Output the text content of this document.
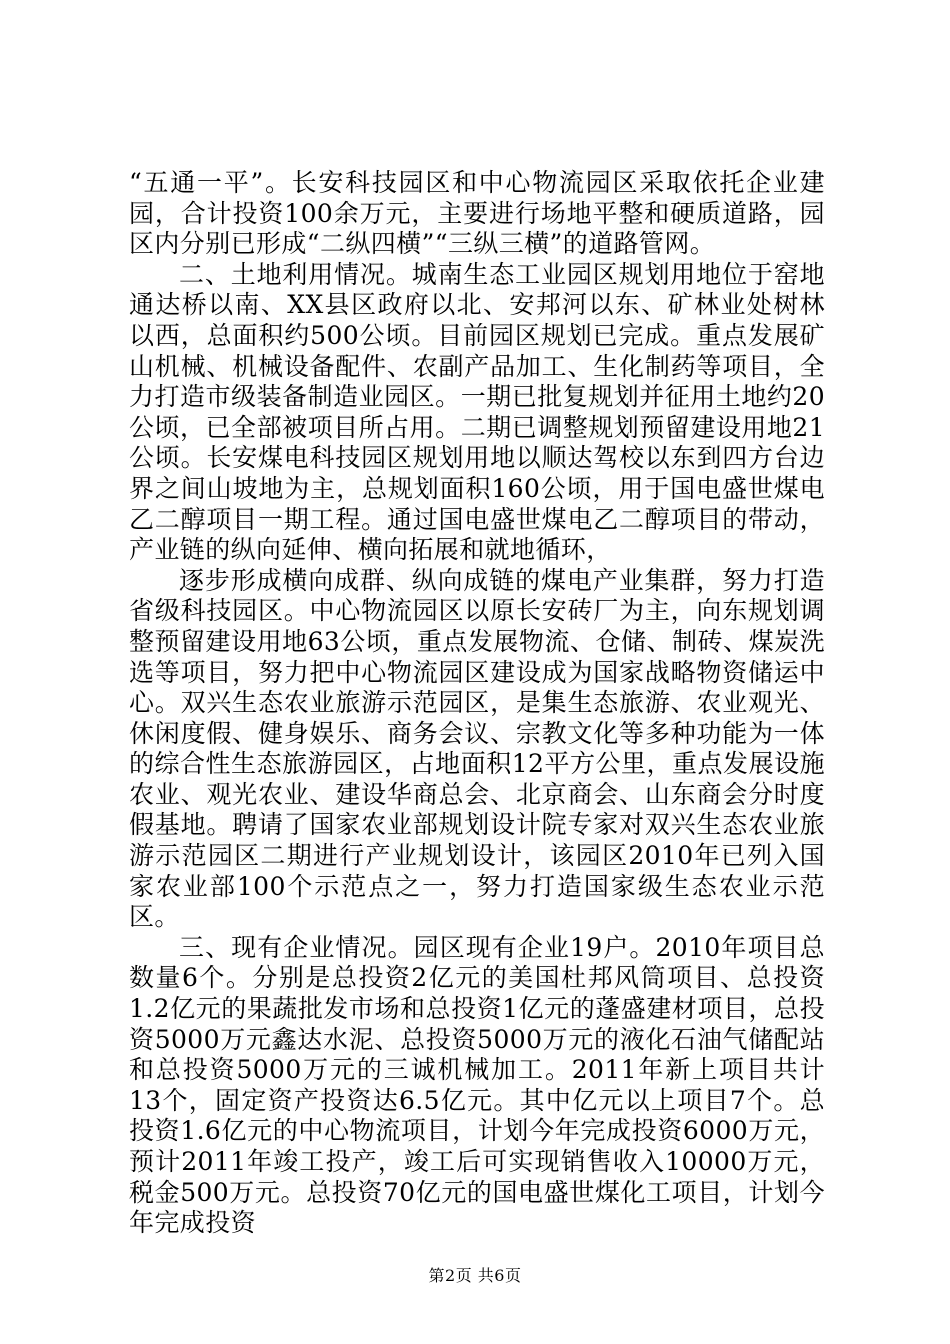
“五通一平”。长安科技园区和中心物流园区采取依托企业建园，合计投资100余万元，主要进行场地平整和硬质道路，园区内分别已形成“二纵四横”“三纵三横”的道路管网。

二、土地利用情况。城南生态工业园区规划用地位于窑地通达桥以南、XX县区政府以北、安邦河以东、矿林业处树林以西，总面积约500公顷。目前园区规划已完成。重点发展矿山机械、机械设备配件、农副产品加工、生化制药等项目，全力打造市级装备制造业园区。一期已批复规划并征用土地约20公顷，已全部被项目所占用。二期已调整规划预留建设用地21公顷。长安煤电科技园区规划用地以顺达驾校以东到四方台边界之间山坡地为主，总规划面积160公顷，用于国电盛世煤电乙二醇项目一期工程。通过国电盛世煤电乙二醇项目的带动，产业链的纵向延伸、横向拓展和就地循环，

逐步形成横向成群、纵向成链的煤电产业集群，努力打造省级科技园区。中心物流园区以原长安砖厂为主，向东规划调整预留建设用地63公顷，重点发展物流、仓储、制砖、煤炭洗选等项目，努力把中心物流园区建设成为国家战略物资储运中心。双兴生态农业旅游示范园区，是集生态旅游、农业观光、休闲度假、健身娱乐、商务会议、宗教文化等多种功能为一体的综合性生态旅游园区，占地面积12平方公里，重点发展设施农业、观光农业、建设华商总会、北京商会、山东商会分时度假基地。聘请了国家农业部规划设计院专家对双兴生态农业旅游示范园区二期进行产业规划设计，该园区2010年已列入国家农业部100个示范点之一，努力打造国家级生态农业示范区。

三、现有企业情况。园区现有企业19户。2010年项目总数量6个。分别是总投资2亿元的美国杜邦风筒项目、总投资1.2亿元的果蔬批发市场和总投资1亿元的蓬盛建材项目，总投资5000万元鑫达水泥、总投资5000万元的液化石油气储配站和总投资5000万元的三诚机械加工。2011年新上项目共计13个，固定资产投资达6.5亿元。其中亿元以上项目7个。总投资1.6亿元的中心物流项目，计划今年完成投资6000万元，预计2011年竣工投产，竣工后可实现销售收入10000万元，税金500万元。总投资70亿元的国电盛世煤化工项目，计划今年完成投资

第2页 共6页
